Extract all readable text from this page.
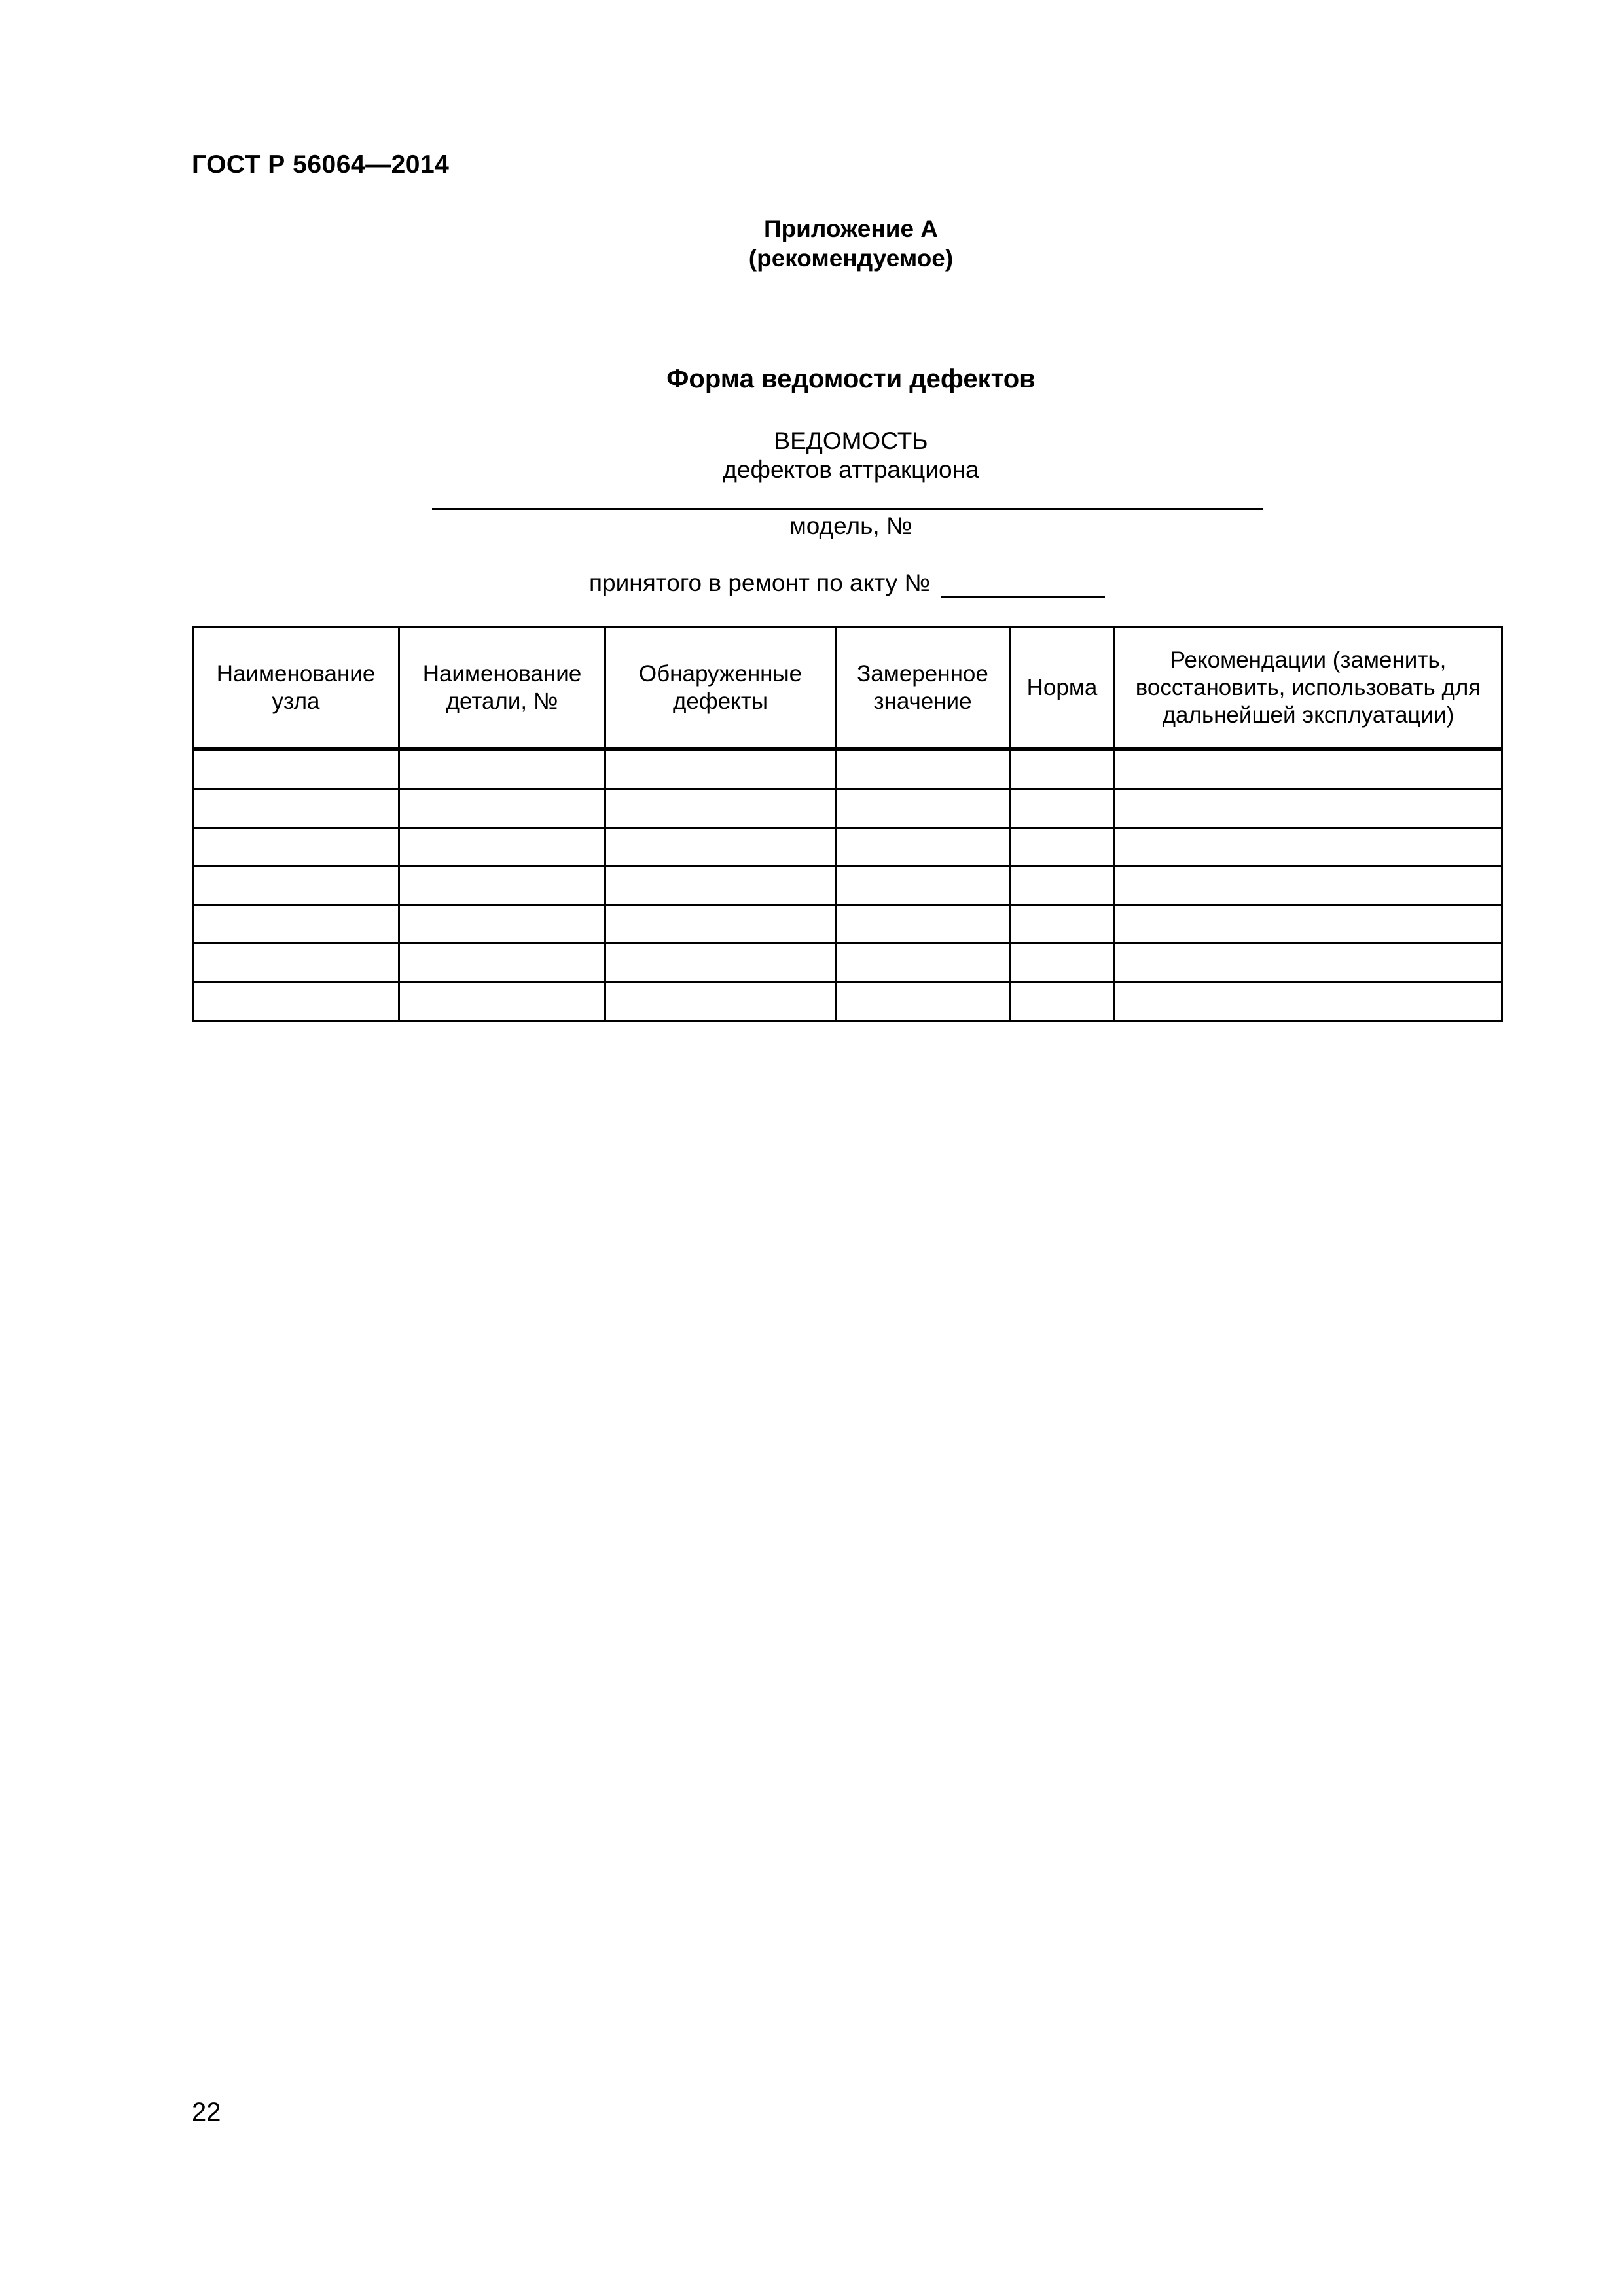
ГОСТ Р 56064—2014
Приложение А
(рекомендуемое)
Форма ведомости дефектов
ВЕДОМОСТЬ
дефектов аттракциона
модель, №
принятого в ремонт по акту №
Наименование узла	Наименование детали, №	Обнаруженные дефекты	Замеренное значение	Норма	Рекомендации (заменить, восстановить, использовать для дальнейшей эксплуатации)

22
